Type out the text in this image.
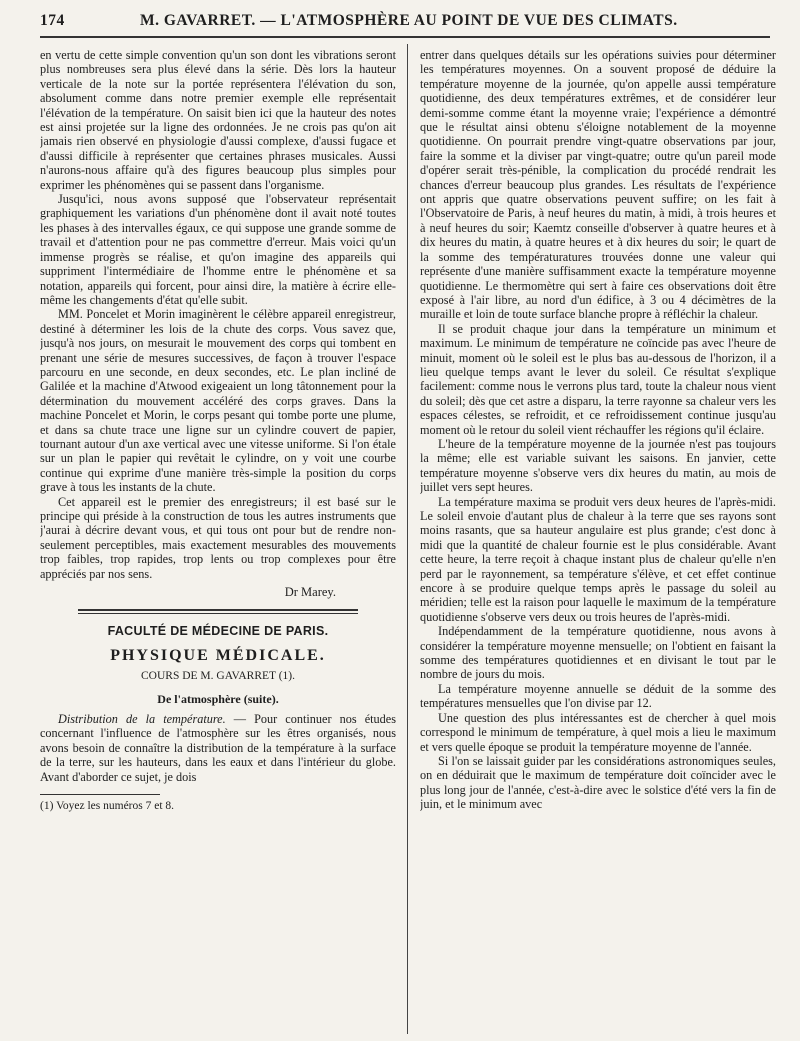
174	M. GAVARRET. — L'ATMOSPHÈRE AU POINT DE VUE DES CLIMATS.

en vertu de cette simple convention qu'un son dont les vibrations seront plus nombreuses sera plus élevé dans la série. Dès lors la hauteur verticale de la note sur la portée représentera l'élévation du son, absolument comme dans notre premier exemple elle représentait l'élévation de la température. On saisit bien ici que la hauteur des notes est ainsi projetée sur la ligne des ordonnées. Je ne crois pas qu'on ait jamais rien observé en physiologie d'aussi complexe, d'aussi fugace et d'aussi difficile à représenter que certaines phrases musicales. Aussi n'aurons-nous affaire qu'à des figures beaucoup plus simples pour exprimer les phénomènes qui se passent dans l'organisme.

Jusqu'ici, nous avons supposé que l'observateur représentait graphiquement les variations d'un phénomène dont il avait noté toutes les phases à des intervalles égaux, ce qui suppose une grande somme de travail et d'attention pour ne pas commettre d'erreur. Mais voici qu'un immense progrès se réalise, et qu'on imagine des appareils qui suppriment l'intermédiaire de l'homme entre le phénomène et sa notation, appareils qui forcent, pour ainsi dire, la matière à écrire elle-même les changements d'état qu'elle subit.

MM. Poncelet et Morin imaginèrent le célèbre appareil enregistreur, destiné à déterminer les lois de la chute des corps. Vous savez que, jusqu'à nos jours, on mesurait le mouvement des corps qui tombent en prenant une série de mesures successives, de façon à trouver l'espace parcouru en une seconde, en deux secondes, etc. Le plan incliné de Galilée et la machine d'Atwood exigeaient un long tâtonnement pour la détermination du mouvement accéléré des corps graves. Dans la machine Poncelet et Morin, le corps pesant qui tombe porte une plume, et dans sa chute trace une ligne sur un cylindre couvert de papier, tournant autour d'un axe vertical avec une vitesse uniforme. Si l'on étale sur un plan le papier qui revêtait le cylindre, on y voit une courbe continue qui exprime d'une manière très-simple la position du corps grave à tous les instants de la chute.

Cet appareil est le premier des enregistreurs; il est basé sur le principe qui préside à la construction de tous les autres instruments que j'aurai à décrire devant vous, et qui tous ont pour but de rendre non-seulement perceptibles, mais exactement mesurables des mouvements trop faibles, trop rapides, trop lents ou trop complexes pour être appréciés par nos sens.

Dr Marey.
FACULTÉ DE MÉDECINE DE PARIS.
PHYSIQUE MÉDICALE.
COURS DE M. GAVARRET (1).
De l'atmosphère (suite).

Distribution de la température. — Pour continuer nos études concernant l'influence de l'atmosphère sur les êtres organisés, nous avons besoin de connaître la distribution de la température à la surface de la terre, sur les hauteurs, dans les eaux et dans l'intérieur du globe. Avant d'aborder ce sujet, je dois

(1) Voyez les numéros 7 et 8.

entrer dans quelques détails sur les opérations suivies pour déterminer les températures moyennes. On a souvent proposé de déduire la température moyenne de la journée, qu'on appelle aussi température quotidienne, des deux températures extrêmes, et de considérer leur demi-somme comme étant la moyenne vraie; l'expérience a démontré que le résultat ainsi obtenu s'éloigne notablement de la moyenne quotidienne. On pourrait prendre vingt-quatre observations par jour, faire la somme et la diviser par vingt-quatre; outre qu'un pareil mode d'opérer serait très-pénible, la complication du procédé rendrait les chances d'erreur beaucoup plus grandes. Les résultats de l'expérience ont appris que quatre observations peuvent suffire; on les fait à l'Observatoire de Paris, à neuf heures du matin, à midi, à trois heures et à neuf heures du soir; Kaemtz conseille d'observer à quatre heures et à dix heures du matin, à quatre heures et à dix heures du soir; le quart de la somme des températuratures trouvées donne une valeur qui représente d'une manière suffisamment exacte la température moyenne quotidienne. Le thermomètre qui sert à faire ces observations doit être exposé à l'air libre, au nord d'un édifice, à 3 ou 4 décimètres de la muraille et loin de toute surface blanche propre à réfléchir la chaleur.

Il se produit chaque jour dans la température un minimum et maximum. Le minimum de température ne coïncide pas avec l'heure de minuit, moment où le soleil est le plus bas au-dessous de l'horizon, il a lieu quelque temps avant le lever du soleil. Ce résultat s'explique facilement: comme nous le verrons plus tard, toute la chaleur nous vient du soleil; dès que cet astre a disparu, la terre rayonne sa chaleur vers les espaces célestes, se refroidit, et ce refroidissement continue jusqu'au moment où le retour du soleil vient réchauffer les régions qu'il éclaire.

L'heure de la température moyenne de la journée n'est pas toujours la même; elle est variable suivant les saisons. En janvier, cette température moyenne s'observe vers dix heures du matin, au mois de juillet vers sept heures.

La température maxima se produit vers deux heures de l'après-midi. Le soleil envoie d'autant plus de chaleur à la terre que ses rayons sont moins rasants, que sa hauteur angulaire est plus grande; c'est donc à midi que la quantité de chaleur fournie est le plus considérable. Avant cette heure, la terre reçoit à chaque instant plus de chaleur qu'elle n'en perd par le rayonnement, sa température s'élève, et cet effet continue encore à se produire quelque temps après le passage du soleil au méridien; telle est la raison pour laquelle le maximum de la température quotidienne s'observe vers deux ou trois heures de l'après-midi.

Indépendamment de la température quotidienne, nous avons à considérer la température moyenne mensuelle; on l'obtient en faisant la somme des températures quotidiennes et en divisant le tout par le nombre de jours du mois.

La température moyenne annuelle se déduit de la somme des températures mensuelles que l'on divise par 12.

Une question des plus intéressantes est de chercher à quel mois correspond le minimum de température, à quel mois a lieu le maximum et vers quelle époque se produit la température moyenne de l'année.

Si l'on se laissait guider par les considérations astronomiques seules, on en déduirait que le maximum de température doit coïncider avec le plus long jour de l'année, c'est-à-dire avec le solstice d'été vers la fin de juin, et le minimum avec
